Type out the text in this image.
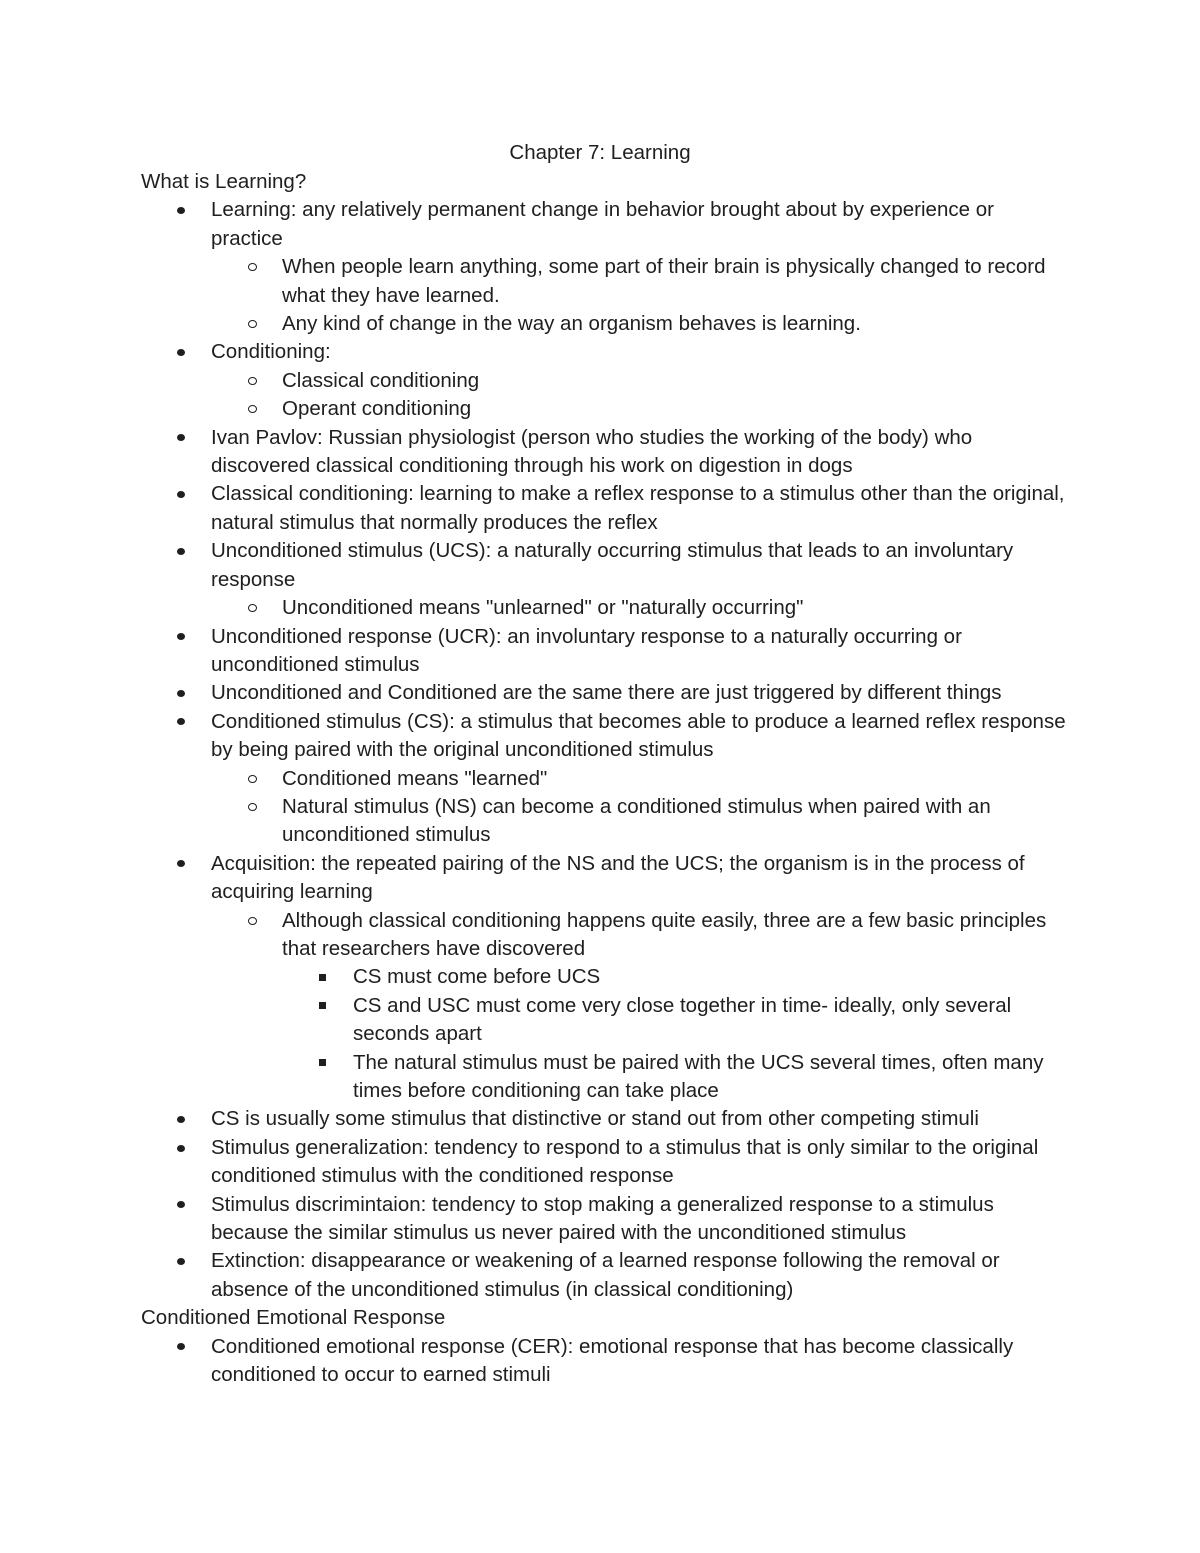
Chapter 7: Learning
What is Learning?
Learning: any relatively permanent change in behavior brought about by experience or practice
When people learn anything, some part of their brain is physically changed to record what they have learned.
Any kind of change in the way an organism behaves is learning.
Conditioning:
Classical conditioning
Operant conditioning
Ivan Pavlov: Russian physiologist (person who studies the working of the body) who discovered classical conditioning through his work on digestion in dogs
Classical conditioning: learning to make a reflex response to a stimulus other than the original, natural stimulus that normally produces the reflex
Unconditioned stimulus (UCS): a naturally occurring stimulus that leads to an involuntary response
Unconditioned means "unlearned" or "naturally occurring"
Unconditioned response (UCR): an involuntary response to a naturally occurring or unconditioned stimulus
Unconditioned and Conditioned are the same there are just triggered by different things
Conditioned stimulus (CS): a stimulus that becomes able to produce a learned reflex response by being paired with the original unconditioned stimulus
Conditioned means "learned"
Natural stimulus (NS) can become a conditioned stimulus when paired with an unconditioned stimulus
Acquisition: the repeated pairing of the NS and the UCS; the organism is in the process of acquiring learning
Although classical conditioning happens quite easily, three are a few basic principles that researchers have discovered
CS must come before UCS
CS and USC must come very close together in time- ideally, only several seconds apart
The natural stimulus must be paired with the UCS several times, often many times before conditioning can take place
CS is usually some stimulus that distinctive or stand out from other competing stimuli
Stimulus generalization: tendency to respond to a stimulus that is only similar to the original conditioned stimulus with the conditioned response
Stimulus discrimintaion: tendency to stop making a generalized response to a stimulus because the similar stimulus us never paired with the unconditioned stimulus
Extinction: disappearance or weakening of a learned response following the removal or absence of the unconditioned stimulus (in classical conditioning)
Conditioned Emotional Response
Conditioned emotional response (CER): emotional response that has become classically conditioned to occur to earned stimuli
